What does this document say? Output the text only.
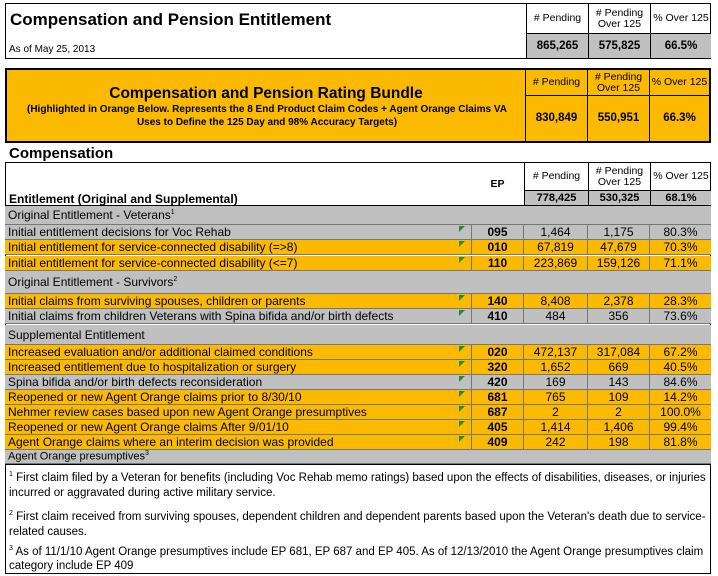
Compensation and Pension Entitlement
As of May 25, 2013
# Pending	# Pending Over 125	% Over 125
865,265	575,825	66.5%
Compensation and Pension Rating Bundle
(Highlighted in Orange Below. Represents the 8 End Product Claim Codes + Agent Orange Claims VA Uses to Define the 125 Day and 98% Accuracy Targets)
# Pending	# Pending Over 125	% Over 125
830,849	550,951	66.3%
Compensation
Entitlement (Original and Supplemental)
EP
# Pending	# Pending Over 125	% Over 125
778,425	530,325	68.1%
Original Entitlement - Veterans$^1$
Original Entitlement - Survivors$^2$
Supplemental Entitlement
Agent Orange presumptives$^3$
Initial entitlement decisions for Voc Rehab	095	1,464	1,175	80.3%
Initial entitlement for service-connected disability (=>8)	010	67,819	47,679	70.3%
Initial entitlement for service-connected disability (<=7)	110	223,869	159,126	71.1%
Initial claims from surviving spouses, children or parents	140	8,408	2,378	28.3%
Initial claims from children Veterans with Spina bifida and/or birth defects	410	484	356	73.6%
Increased evaluation and/or additional claimed conditions	020	472,137	317,084	67.2%
Increased entitlement due to hospitalization or surgery	320	1,652	669	40.5%
Spina bifida and/or birth defects reconsideration	420	169	143	84.6%
Reopened or new Agent Orange claims prior to 8/30/10	681	765	109	14.2%
Nehmer review cases based upon new Agent Orange presumptives	687	2	2	100.0%
Reopened or new Agent Orange claims After 9/01/10	405	1,414	1,406	99.4%
Agent Orange claims where an interim decision was provided	409	242	198	81.8%

$^1$ First claim filed by a Veteran for benefits (including Voc Rehab memo ratings) based upon the effects of disabilities, diseases, or injuries incurred or aggravated during active military service.

$^2$ First claim received from surviving spouses, dependent children and dependent parents based upon the Veteran's death due to service-related causes.

$^3$ As of 11/1/10 Agent Orange presumptives include EP 681, EP 687 and EP 405. As of 12/13/2010 the Agent Orange presumptives claim category include EP 409
